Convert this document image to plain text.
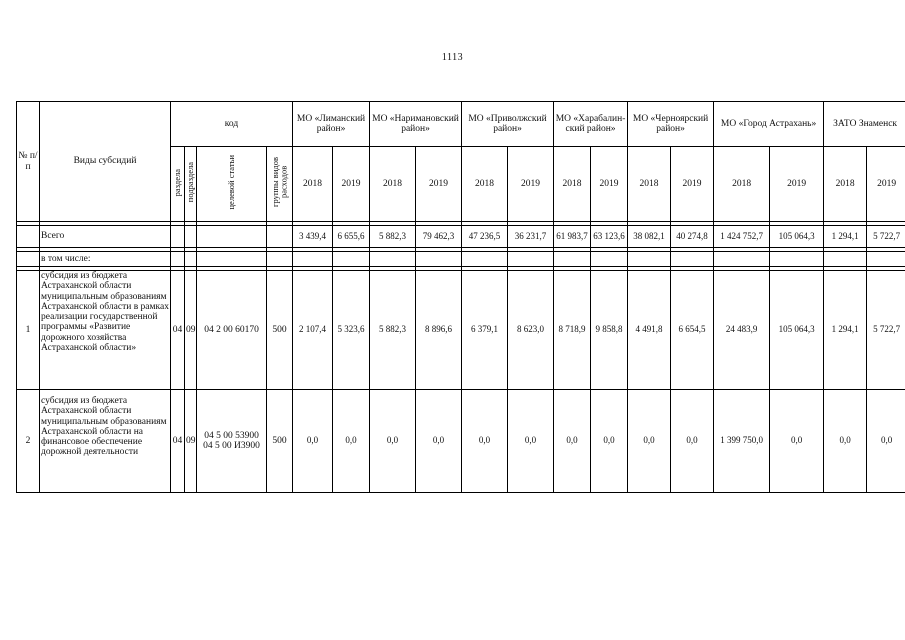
1113
№ п/п	Виды субсидий	код				МО «Лиманский район»		МО «Наримановский район»		МО «Приволжский район»		МО «Харабалин-ский район»		МО «Черноярский район»		МО «Город Астрахань»		ЗАТО Знаменск	
		раздела	подраздела	целевой статьи	группы видов расходов	2018	2019	2018	2019	2018	2019	2018	2019	2018	2019	2018	2019	2018	2019

	Всего					3 439,4	6 655,6	5 882,3	79 462,3	47 236,5	36 231,7	61 983,7	63 123,6	38 082,1	40 274,8	1 424 752,7	105 064,3	1 294,1	5 722,7

	в том числе:																		

1	субсидия из бюджета Астраханской области муниципальным образованиям Астраханской области в рамках реализации государственной программы «Развитие дорожного хозяйства Астраханской области»	04	09	04 2 00 60170	500	2 107,4	5 323,6	5 882,3	8 896,6	6 379,1	8 623,0	8 718,9	9 858,8	4 491,8	6 654,5	24 483,9	105 064,3	1 294,1	5 722,7
2	субсидия из бюджета Астраханской области муниципальным образованиям Астраханской области на финансовое обеспечение дорожной деятельности	04	09	04 5 00 53900
04 5 00 И3900	500	0,0	0,0	0,0	0,0	0,0	0,0	0,0	0,0	0,0	0,0	1 399 750,0	0,0	0,0	0,0
